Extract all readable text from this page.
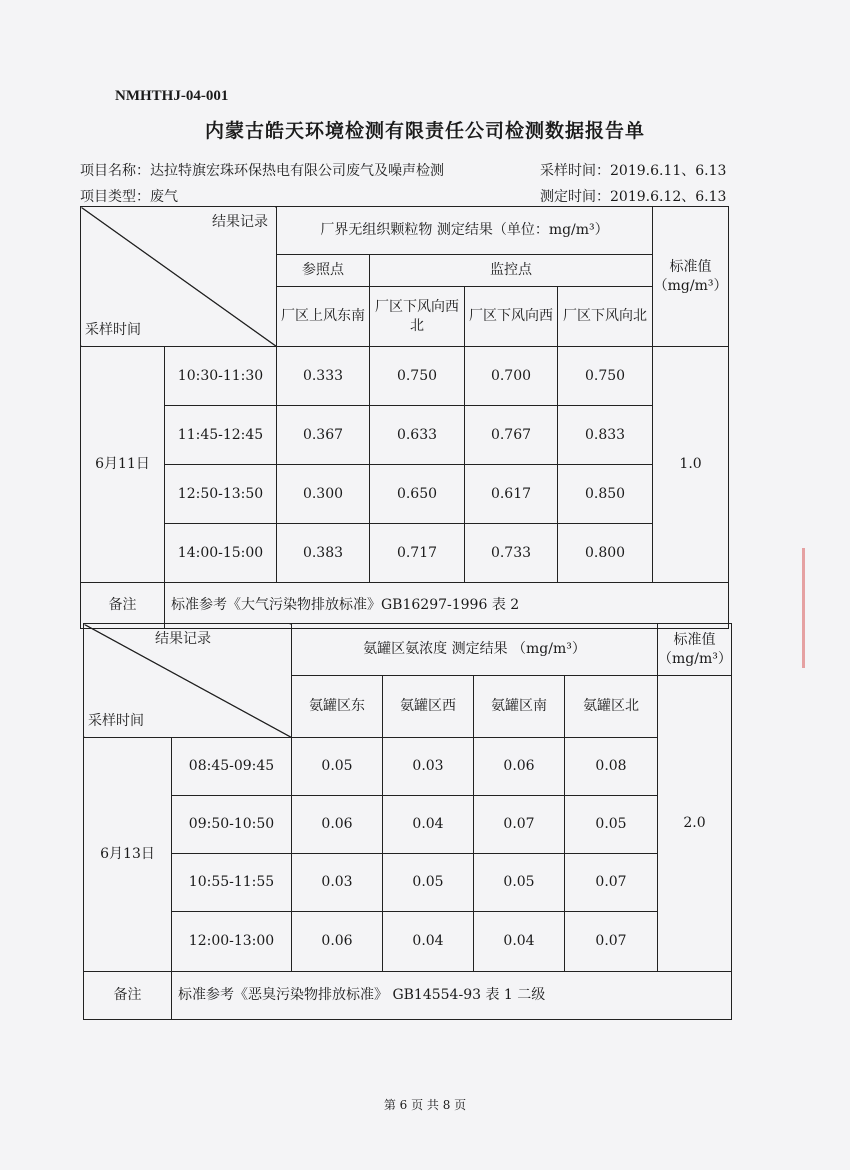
NMHTHJ-04-001
内蒙古皓天环境检测有限责任公司检测数据报告单
项目名称：达拉特旗宏珠环保热电有限公司废气及噪声检测	采样时间：2019.6.11、6.13
项目类型：废气	测定时间：2019.6.12、6.13
结果记录
采样时间		厂界无组织颗粒物 测定结果（单位：mg/m³）				标准值（mg/m³）
		参照点	监控点			
		厂区上风东南	厂区下风向西北	厂区下风向西	厂区下风向北	
6月11日	10:30-11:30	0.333	0.750	0.700	0.750	1.0
	11:45-12:45	0.367	0.633	0.767	0.833	
	12:50-13:50	0.300	0.650	0.617	0.850	
	14:00-15:00	0.383	0.717	0.733	0.800	
备注	标准参考《大气污染物排放标准》GB16297-1996 表 2					
结果记录
采样时间		氨罐区氨浓度 测定结果 （mg/m³）				标准值（mg/m³）
		氨罐区东	氨罐区西	氨罐区南	氨罐区北	2.0
6月13日	08:45-09:45	0.05	0.03	0.06	0.08	
	09:50-10:50	0.06	0.04	0.07	0.05	
	10:55-11:55	0.03	0.05	0.05	0.07	
	12:00-13:00	0.06	0.04	0.04	0.07	
备注	标准参考《恶臭污染物排放标准》 GB14554-93 表 1 二级					
第 6 页 共 8 页
